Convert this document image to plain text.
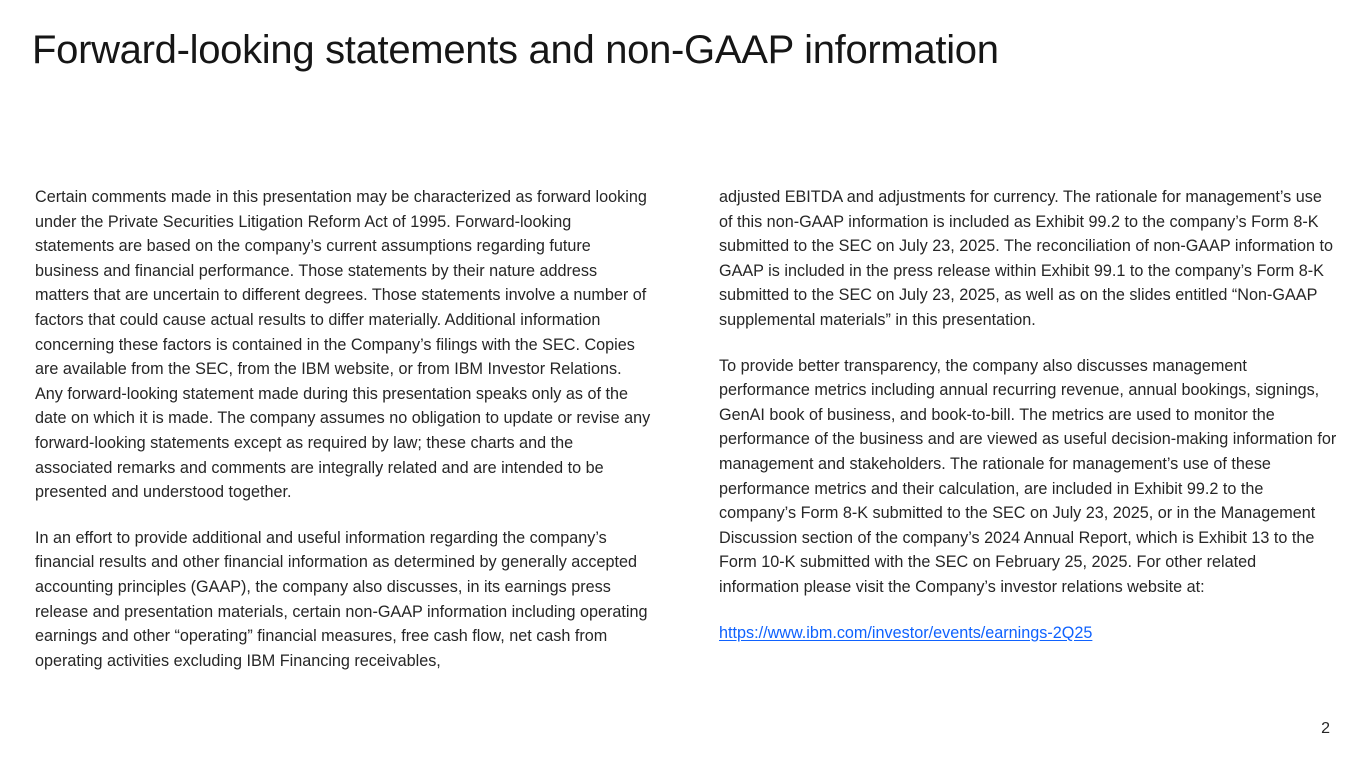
Forward-looking statements and non-GAAP information

Certain comments made in this presentation may be characterized as forward looking under the Private Securities Litigation Reform Act of 1995. Forward-looking statements are based on the company’s current assumptions regarding future business and financial performance. Those statements by their nature address matters that are uncertain to different degrees. Those statements involve a number of factors that could cause actual results to differ materially. Additional information concerning these factors is contained in the Company’s filings with the SEC. Copies are available from the SEC, from the IBM website, or from IBM Investor Relations. Any forward-looking statement made during this presentation speaks only as of the date on which it is made. The company assumes no obligation to update or revise any forward-looking statements except as required by law; these charts and the associated remarks and comments are integrally related and are intended to be presented and understood together.

In an effort to provide additional and useful information regarding the company’s financial results and other financial information as determined by generally accepted accounting principles (GAAP), the company also discusses, in its earnings press release and presentation materials, certain non-GAAP information including operating earnings and other “operating” financial measures, free cash flow, net cash from operating activities excluding IBM Financing receivables,

adjusted EBITDA and adjustments for currency. The rationale for management’s use of this non-GAAP information is included as Exhibit 99.2 to the company’s Form 8-K submitted to the SEC on July 23, 2025. The reconciliation of non-GAAP information to GAAP is included in the press release within Exhibit 99.1 to the company’s Form 8-K submitted to the SEC on July 23, 2025, as well as on the slides entitled “Non-GAAP supplemental materials” in this presentation.

To provide better transparency, the company also discusses management performance metrics including annual recurring revenue, annual bookings, signings, GenAI book of business, and book-to-bill. The metrics are used to monitor the performance of the business and are viewed as useful decision-making information for management and stakeholders. The rationale for management’s use of these performance metrics and their calculation, are included in Exhibit 99.2 to the company’s Form 8-K submitted to the SEC on July 23, 2025, or in the Management Discussion section of the company’s 2024 Annual Report, which is Exhibit 13 to the Form 10-K submitted with the SEC on February 25, 2025. For other related information please visit the Company’s investor relations website at:

https://www.ibm.com/investor/events/earnings-2Q25

2
